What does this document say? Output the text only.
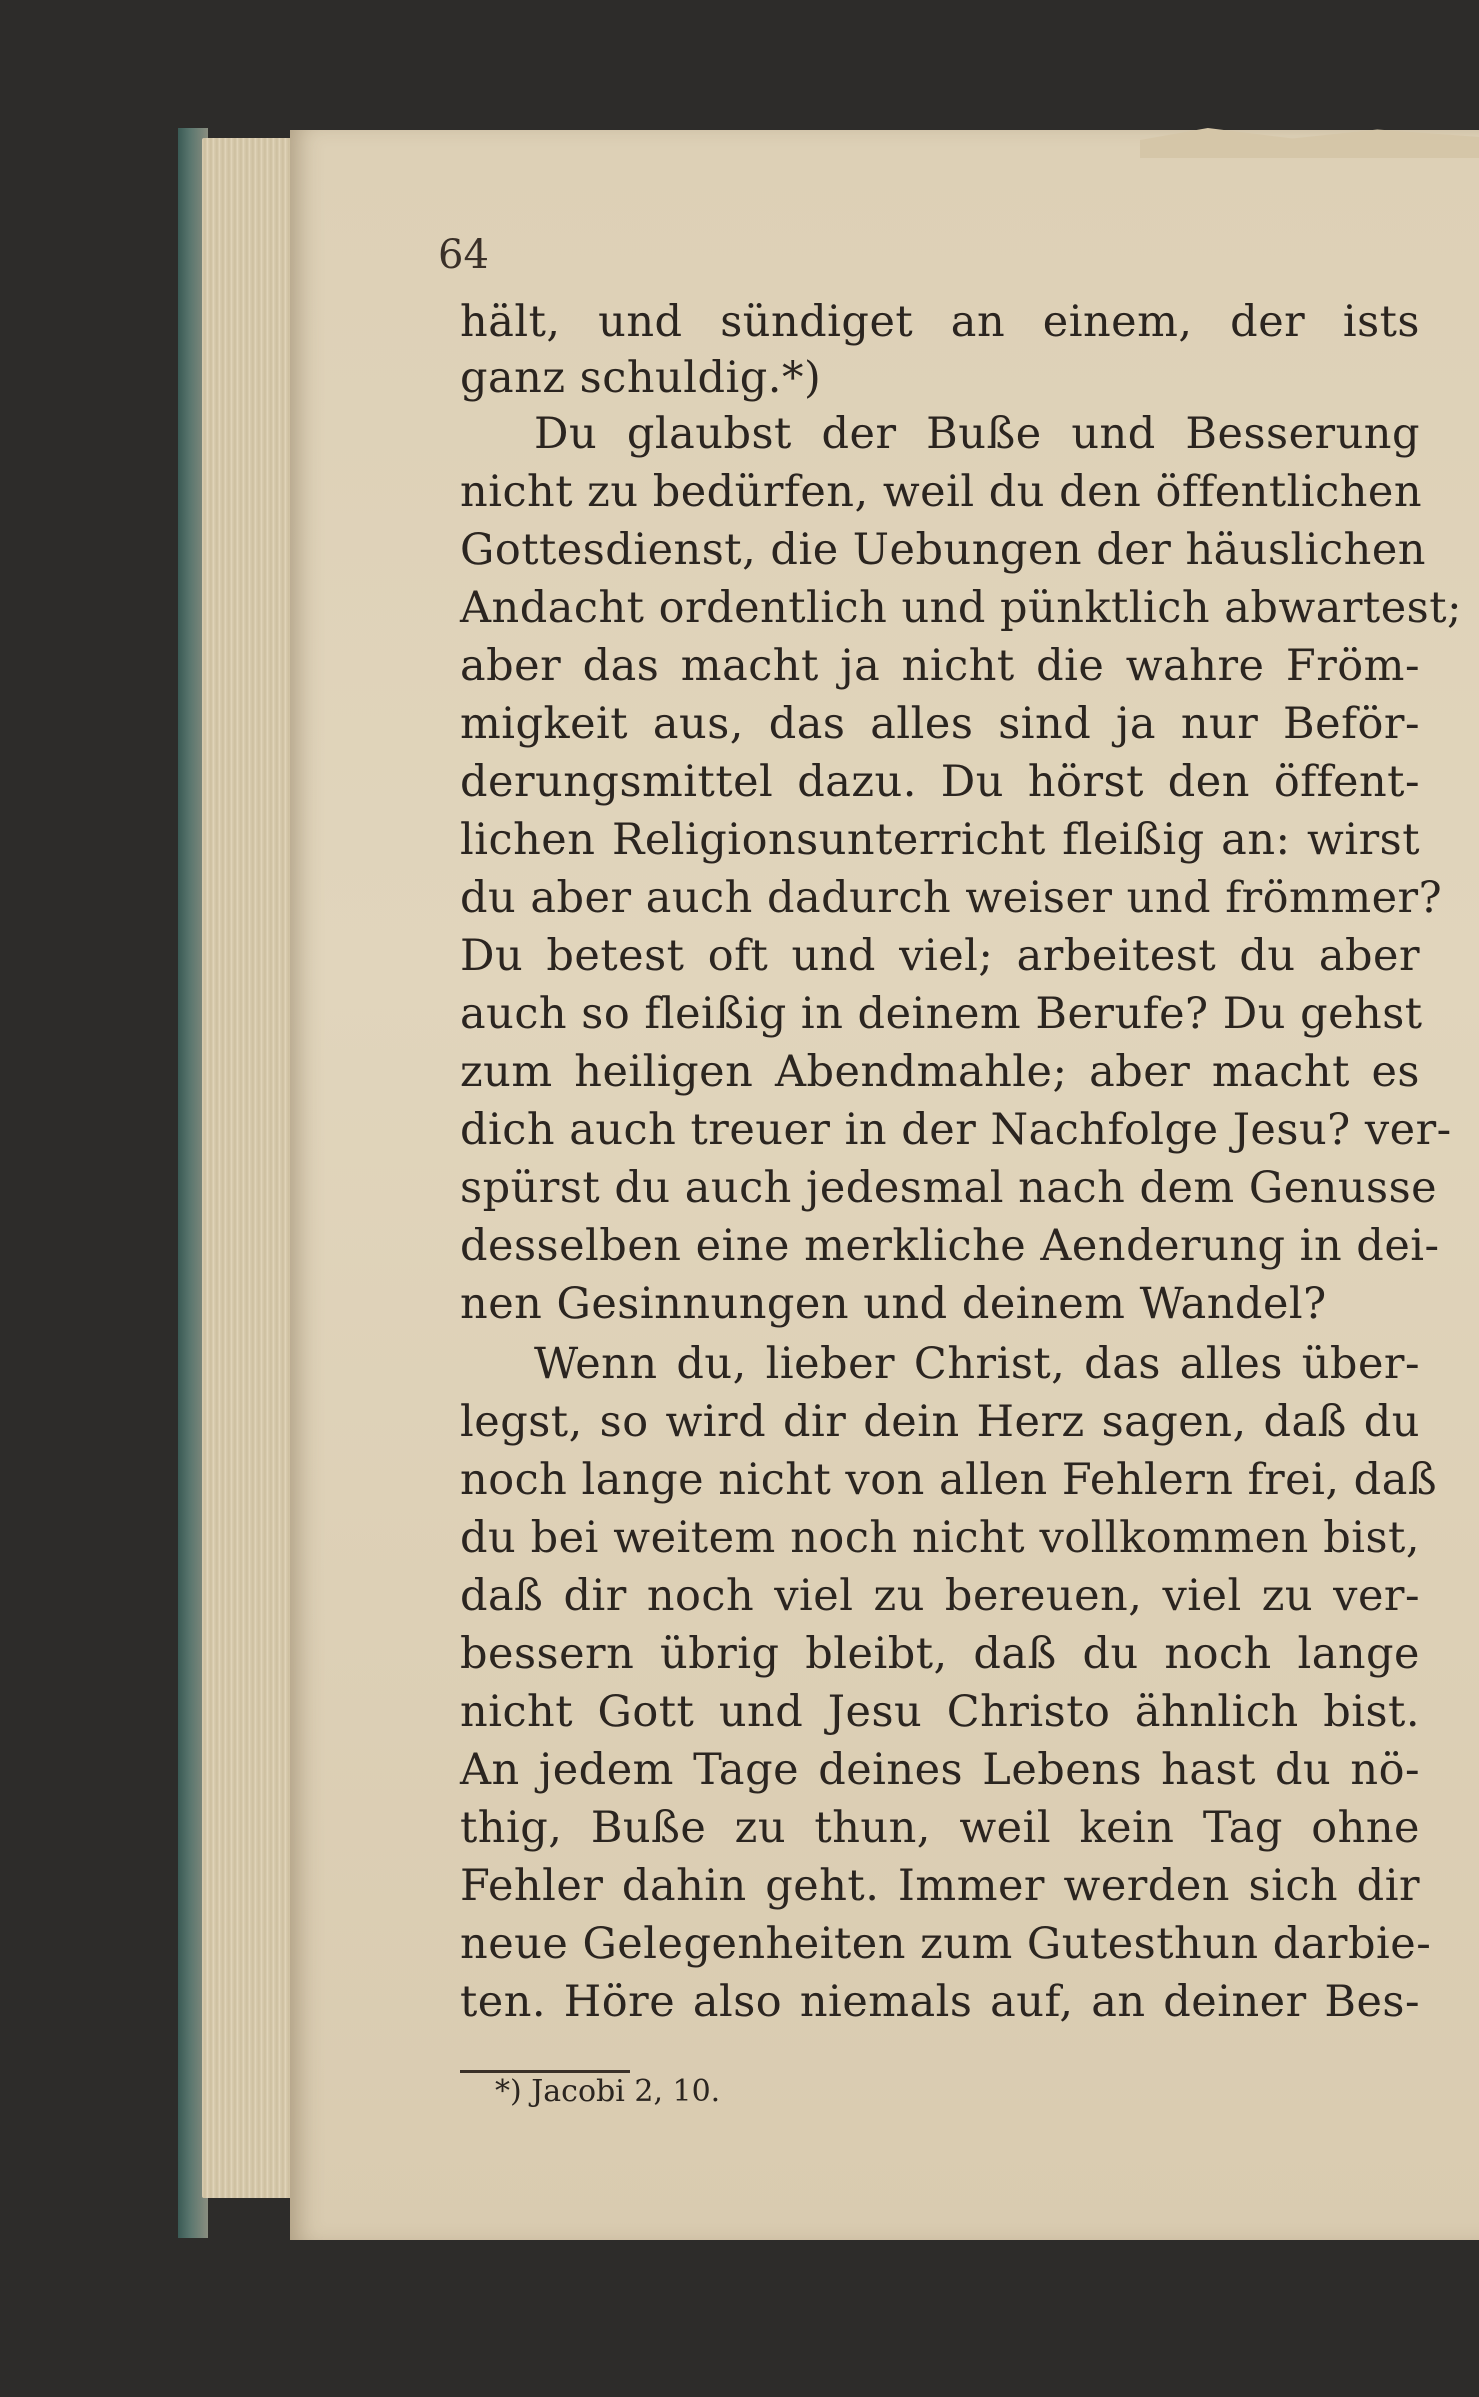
64
hält, und sündiget an einem, der ists
ganz schuldig.*)
Du glaubst der Buße und Besserung
nicht zu bedürfen, weil du den öffentlichen
Gottesdienst, die Uebungen der häuslichen
Andacht ordentlich und pünktlich abwartest;
aber das macht ja nicht die wahre Fröm-
migkeit aus, das alles sind ja nur Beför-
derungsmittel dazu. Du hörst den öffent-
lichen Religionsunterricht fleißig an: wirst
du aber auch dadurch weiser und frömmer?
Du betest oft und viel; arbeitest du aber
auch so fleißig in deinem Berufe? Du gehst
zum heiligen Abendmahle; aber macht es
dich auch treuer in der Nachfolge Jesu? ver-
spürst du auch jedesmal nach dem Genusse
desselben eine merkliche Aenderung in dei-
nen Gesinnungen und deinem Wandel?
Wenn du, lieber Christ, das alles über-
legst, so wird dir dein Herz sagen, daß du
noch lange nicht von allen Fehlern frei, daß
du bei weitem noch nicht vollkommen bist,
daß dir noch viel zu bereuen, viel zu ver-
bessern übrig bleibt, daß du noch lange
nicht Gott und Jesu Christo ähnlich bist.
An jedem Tage deines Lebens hast du nö-
thig, Buße zu thun, weil kein Tag ohne
Fehler dahin geht. Immer werden sich dir
neue Gelegenheiten zum Gutesthun darbie-
ten. Höre also niemals auf, an deiner Bes-
*) Jacobi 2, 10.
